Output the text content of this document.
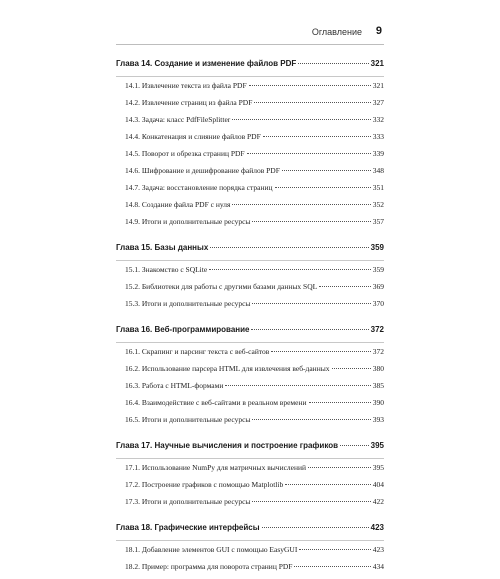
Оглавление 9
Глава 14. Создание и изменение файлов PDF	321
14.1. Извлечение текста из файла PDF	321
14.2. Извлечение страниц из файла PDF	327
14.3. Задача: класс PdfFileSplitter	332
14.4. Конкатенация и слияние файлов PDF	333
14.5. Поворот и обрезка страниц PDF	339
14.6. Шифрование и дешифрование файлов PDF	348
14.7. Задача: восстановление порядка страниц	351
14.8. Создание файла PDF с нуля	352
14.9. Итоги и дополнительные ресурсы	357
Глава 15. Базы данных	359
15.1. Знакомство с SQLite	359
15.2. Библиотеки для работы с другими базами данных SQL	369
15.3. Итоги и дополнительные ресурсы	370
Глава 16. Веб-программирование	372
16.1. Скрапинг и парсинг текста с веб-сайтов	372
16.2. Использование парсера HTML для извлечения веб-данных	380
16.3. Работа с HTML-формами	385
16.4. Взаимодействие с веб-сайтами в реальном времени	390
16.5. Итоги и дополнительные ресурсы	393
Глава 17. Научные вычисления и построение графиков	395
17.1. Использование NumPy для матричных вычислений	395
17.2. Построение графиков с помощью Matplotlib	404
17.3. Итоги и дополнительные ресурсы	422
Глава 18. Графические интерфейсы	423
18.1. Добавление элементов GUI с помощью EasyGUI	423
18.2. Пример: программа для поворота страниц PDF	434
